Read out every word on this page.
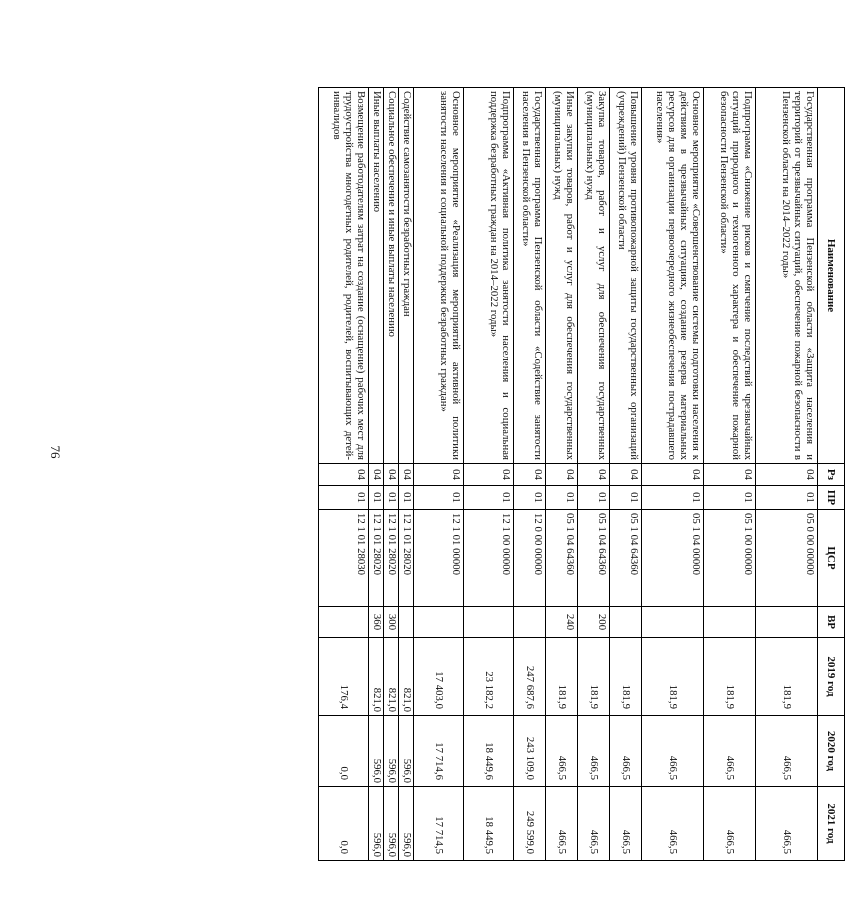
76
Наименование	Рз	ПР	ЦСР	ВР	2019 год	2020 год	2021 год
Государственная программа Пензенской области «Защита населения и территорий от чрезвычайных ситуаций, обеспечение пожарной безопасности в Пензенской области на 2014–2022 годы»	04	01	05 0 00 00000		181,9	466,5	466,5
Подпрограмма «Снижение рисков и смягчение последствий чрезвычайных ситуаций природного и техногенного характера и обеспечение пожарной безопасности Пензенской области»	04	01	05 1 00 00000		181,9	466,5	466,5
Основное мероприятие «Совершенствование системы подготовки населения к действиям в чрезвычайных ситуациях, создание резерва материальных ресурсов для организации первоочередного жизнеобеспечения пострадавшего населения»	04	01	05 1 04 00000		181,9	466,5	466,5
Повышение уровня противопожарной защиты государственных организаций (учреждений) Пензенской области	04	01	05 1 04 64360		181,9	466,5	466,5
Закупка товаров, работ и услуг для обеспечения государственных (муниципальных) нужд	04	01	05 1 04 64360	200	181,9	466,5	466,5
Иные закупки товаров, работ и услуг для обеспечения государственных (муниципальных) нужд	04	01	05 1 04 64360	240	181,9	466,5	466,5
Государственная программа Пензенской области «Содействие занятости населения в Пензенской области»	04	01	12 0 00 00000		247 687,6	243 109,0	249 599,0
Подпрограмма «Активная политика занятости населения и социальная поддержка безработных граждан на 2014–2022 годы»	04	01	12 1 00 00000		23 182,2	18 449,6	18 449,5
Основное мероприятие «Реализация мероприятий активной политики занятости населения и социальной поддержки безработных граждан»	04	01	12 1 01 00000		17 403,0	17 714,6	17 714,5
Содействие самозанятости безработных граждан	04	01	12 1 01 28020		821,0	596,0	596,0
Социальное обеспечение и иные выплаты населению	04	01	12 1 01 28020	300	821,0	596,0	596,0
Иные выплаты населению	04	01	12 1 01 28020	360	821,0	596,0	596,0
Возмещение работодателям затрат на создание (оснащение) рабочих мест для трудоустройства многодетных родителей, родителей, воспитывающих детей-инвалидов	04	01	12 1 01 28030		176,4	0,0	0,0
